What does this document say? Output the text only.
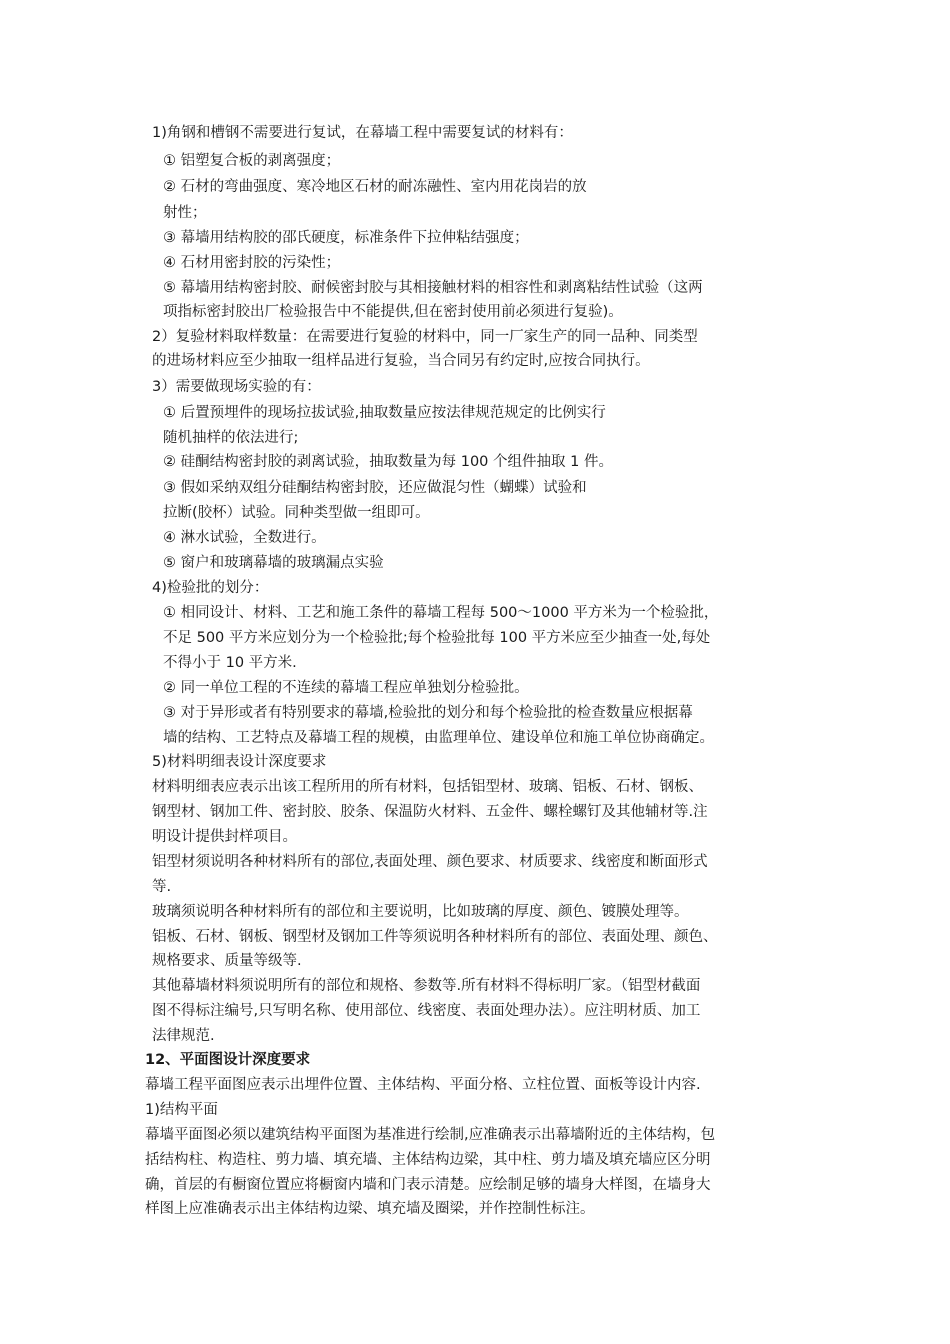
1)角钢和槽钢不需要进行复试，在幕墙工程中需要复试的材料有：
① 铝塑复合板的剥离强度；
② 石材的弯曲强度、寒冷地区石材的耐冻融性、室内用花岗岩的放
射性；
③ 幕墙用结构胶的邵氏硬度，标准条件下拉伸粘结强度；
④ 石材用密封胶的污染性；
⑤ 幕墙用结构密封胶、耐候密封胶与其相接触材料的相容性和剥离粘结性试验（这两
项指标密封胶出厂检验报告中不能提供,但在密封使用前必须进行复验)。
2）复验材料取样数量：在需要进行复验的材料中，同一厂家生产的同一品种、同类型
的进场材料应至少抽取一组样品进行复验，当合同另有约定时,应按合同执行。
3）需要做现场实验的有：
① 后置预埋件的现场拉拔试验,抽取数量应按法律规范规定的比例实行
随机抽样的依法进行;
② 硅酮结构密封胶的剥离试验，抽取数量为每 100 个组件抽取 1 件。
③ 假如采纳双组分硅酮结构密封胶，还应做混匀性（蝴蝶）试验和
拉断(胶杯）试验。同种类型做一组即可。
④ 淋水试验，全数进行。
⑤ 窗户和玻璃幕墙的玻璃漏点实验
4)检验批的划分：
① 相同设计、材料、工艺和施工条件的幕墙工程每 500～1000 平方米为一个检验批，
不足 500 平方米应划分为一个检验批;每个检验批每 100 平方米应至少抽查一处,每处
不得小于 10 平方米.
② 同一单位工程的不连续的幕墙工程应单独划分检验批。
③ 对于异形或者有特别要求的幕墙,检验批的划分和每个检验批的检查数量应根据幕
墙的结构、工艺特点及幕墙工程的规模，由监理单位、建设单位和施工单位协商确定。
5)材料明细表设计深度要求
材料明细表应表示出该工程所用的所有材料，包括铝型材、玻璃、铝板、石材、钢板、
钢型材、钢加工件、密封胶、胶条、保温防火材料、五金件、螺栓螺钉及其他辅材等.注
明设计提供封样项目。
铝型材须说明各种材料所有的部位,表面处理、颜色要求、材质要求、线密度和断面形式
等.
玻璃须说明各种材料所有的部位和主要说明，比如玻璃的厚度、颜色、镀膜处理等。
铝板、石材、钢板、钢型材及钢加工件等须说明各种材料所有的部位、表面处理、颜色、
规格要求、质量等级等.
其他幕墙材料须说明所有的部位和规格、参数等.所有材料不得标明厂家。（铝型材截面
图不得标注编号,只写明名称、使用部位、线密度、表面处理办法）。应注明材质、加工
法律规范.
12、平面图设计深度要求
幕墙工程平面图应表示出埋件位置、主体结构、平面分格、立柱位置、面板等设计内容.
1)结构平面
幕墙平面图必须以建筑结构平面图为基准进行绘制,应准确表示出幕墙附近的主体结构，包
括结构柱、构造柱、剪力墙、填充墙、主体结构边梁，其中柱、剪力墙及填充墙应区分明
确，首层的有橱窗位置应将橱窗内墙和门表示清楚。应绘制足够的墙身大样图，在墙身大
样图上应准确表示出主体结构边梁、填充墙及圈梁，并作控制性标注。
